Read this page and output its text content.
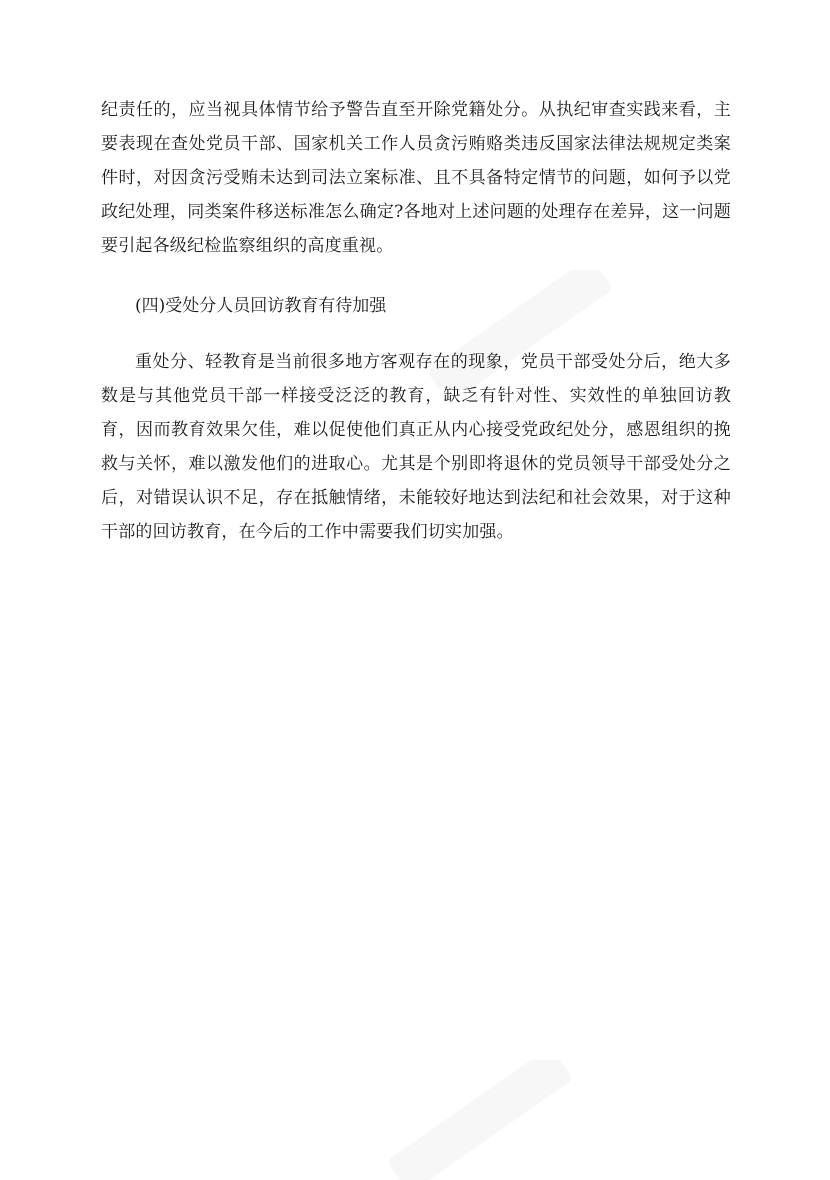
纪责任的，应当视具体情节给予警告直至开除党籍处分。从执纪审查实践来看，主要表现在查处党员干部、国家机关工作人员贪污贿赂类违反国家法律法规规定类案件时，对因贪污受贿未达到司法立案标准、且不具备特定情节的问题，如何予以党政纪处理，同类案件移送标准怎么确定?各地对上述问题的处理存在差异，这一问题要引起各级纪检监察组织的高度重视。

(四)受处分人员回访教育有待加强

重处分、轻教育是当前很多地方客观存在的现象，党员干部受处分后，绝大多数是与其他党员干部一样接受泛泛的教育，缺乏有针对性、实效性的单独回访教育，因而教育效果欠佳，难以促使他们真正从内心接受党政纪处分，感恩组织的挽救与关怀，难以激发他们的进取心。尤其是个别即将退休的党员领导干部受处分之后，对错误认识不足，存在抵触情绪，未能较好地达到法纪和社会效果，对于这种干部的回访教育，在今后的工作中需要我们切实加强。
